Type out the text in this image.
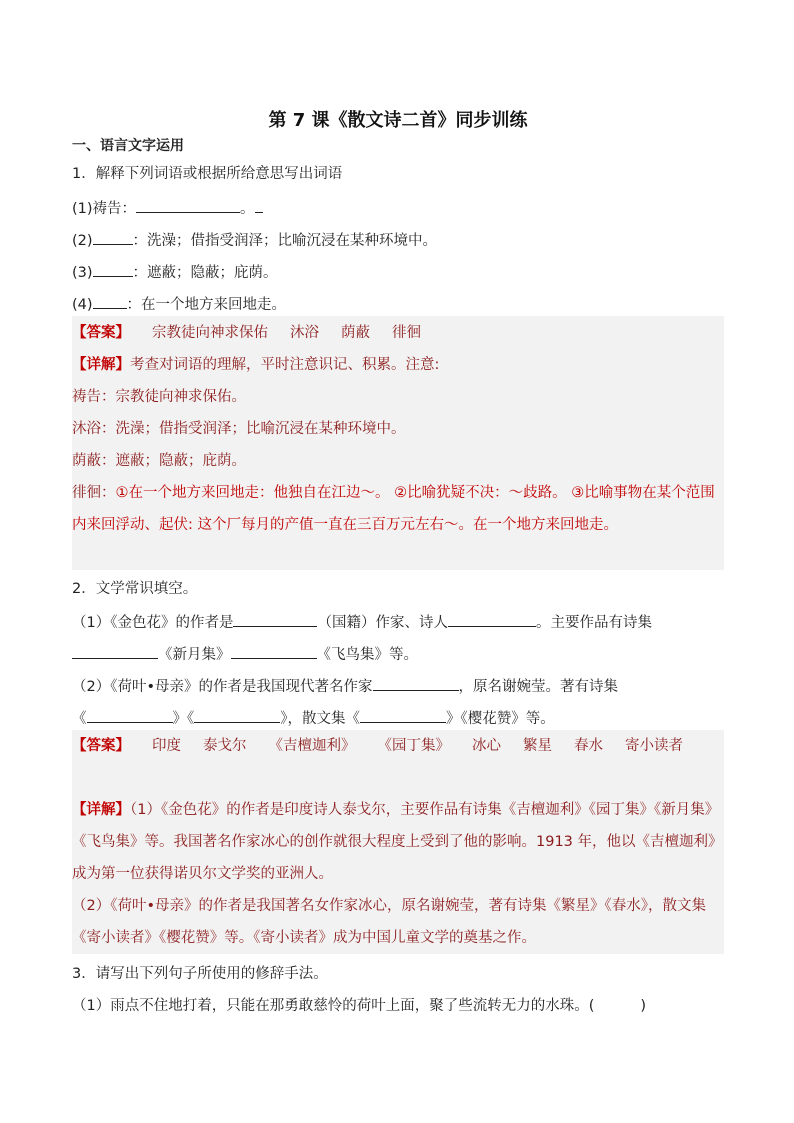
第 7 课《散文诗二首》同步训练
一、语言文字运用
1．解释下列词语或根据所给意思写出词语
(1)祷告：	。
(2)	：洗澡；借指受润泽；比喻沉浸在某种环境中。
(3)	：遮蔽；隐蔽；庇荫。
(4) ：在一个地方来回地走。
【答案】 宗教徒向神求保佑 沐浴 荫蔽 徘徊
【详解】考查对词语的理解，平时注意识记、积累。注意:
祷告：宗教徒向神求保佑。
沐浴：洗澡；借指受润泽；比喻沉浸在某种环境中。
荫蔽：遮蔽；隐蔽；庇荫。
徘徊：①在一个地方来回地走：他独自在江边～。 ②比喻犹疑不决：～歧路。 ③比喻事物在某个范围内来回浮动、起伏: 这个厂每月的产值一直在三百万元左右～。在一个地方来回地走。
2．文学常识填空。
（1）《金色花》的作者是	（国籍）作家、诗人	。主要作品有诗集
《新月集》	《飞鸟集》等。
（2）《荷叶•母亲》的作者是我国现代著名作家	，原名谢婉莹。著有诗集
《	》《	》，散文集《	》《樱花赞》等。
【答案】 印度 泰戈尔 《吉檀迦利》 《园丁集》 冰心 繁星 春水 寄小读者
【详解】（1）《金色花》的作者是印度诗人泰戈尔，主要作品有诗集《吉檀迦利》《园丁集》《新月集》《飞鸟集》等。我国著名作家冰心的创作就很大程度上受到了他的影响。1913 年，他以《吉檀迦利》成为第一位获得诺贝尔文学奖的亚洲人。
（2）《荷叶•母亲》的作者是我国著名女作家冰心，原名谢婉莹，著有诗集《繁星》《春水》，散文集《寄小读者》《樱花赞》等。《寄小读者》成为中国儿童文学的奠基之作。
3．请写出下列句子所使用的修辞手法。
（1）雨点不住地打着，只能在那勇敢慈怜的荷叶上面，聚了些流转无力的水珠。(	)
